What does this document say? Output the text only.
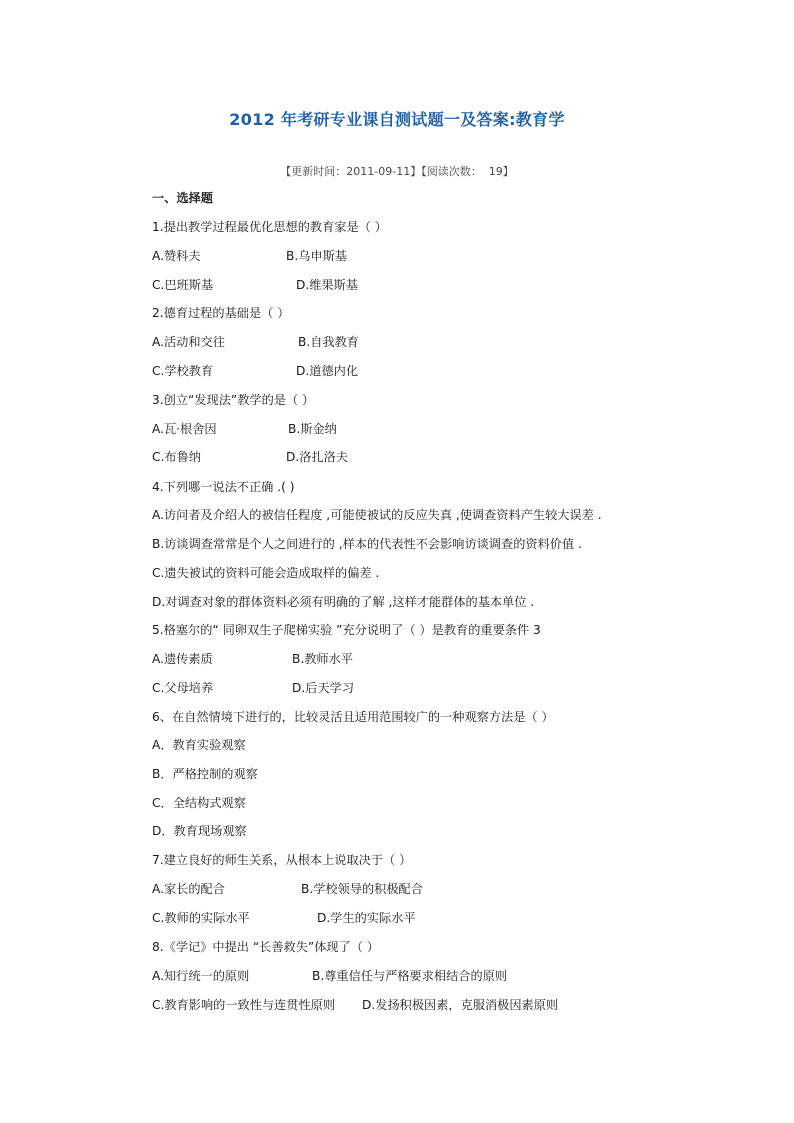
2012 年考研专业课自测试题一及答案:教育学
【更新时间：2011-09-11】【阅读次数：  19】
一、选择题
1.提出教学过程最优化思想的教育家是（ ）
A.赞科夫	B.乌申斯基
C.巴班斯基	D.维果斯基
2.德育过程的基础是（ ）
A.活动和交往	B.自我教育
C.学校教育	D.道德内化
3.创立“发现法”教学的是（ ）
A.瓦·根舍因	B.斯金纳
C.布鲁纳	D.洛扎洛夫
4.下列哪一说法不正确 .( )
A.访问者及介绍人的被信任程度 ,可能使被试的反应失真 ,使调查资料产生较大误差 .
B.访谈调查常常是个人之间进行的 ,样本的代表性不会影响访谈调查的资料价值 .
C.遗失被试的资料可能会造成取样的偏差 .
D.对调查对象的群体资料必须有明确的了解 ,这样才能群体的基本单位 .
5.格塞尔的“ 同卵双生子爬梯实验 ”充分说明了（ ）是教育的重要条件 3
A.遗传素质	B.教师水平
C.父母培养	D.后天学习
6、在自然情境下进行的，比较灵活且适用范围较广的一种观察方法是（ ）
A．教育实验观察
B．严格控制的观察
C．全结构式观察
D．教育现场观察
7.建立良好的师生关系，从根本上说取决于（ ）
A.家长的配合	B.学校领导的积极配合
C.教师的实际水平	D.学生的实际水平
8.《学记》中提出 “长善救失”体现了（ ）
A.知行统一的原则	B.尊重信任与严格要求相结合的原则
C.教育影响的一致性与连贯性原则 D.发扬积极因素，克服消极因素原则
